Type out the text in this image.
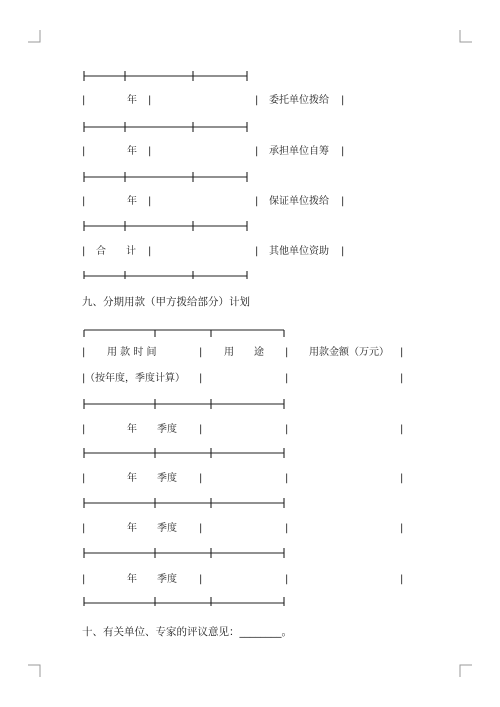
|	年 |	| 委托单位拨给 |
|	年 |	| 承担单位自筹 |
|	年 |	| 保证单位拨给 |
| 合　　计 |	| 其他单位资助 |
九、分期用款（甲方拨给部分）计划
| 用 款 时 间	| 用　　途 | 用款金额（万元） |
| （按年度，季度计算） |	|	|
|	年 季度 |	|	|
|	年 季度 |	|	|
|	年 季度 |	|	|
|	年 季度 |	|	|
十、有关单位、专家的评议意见：________。
